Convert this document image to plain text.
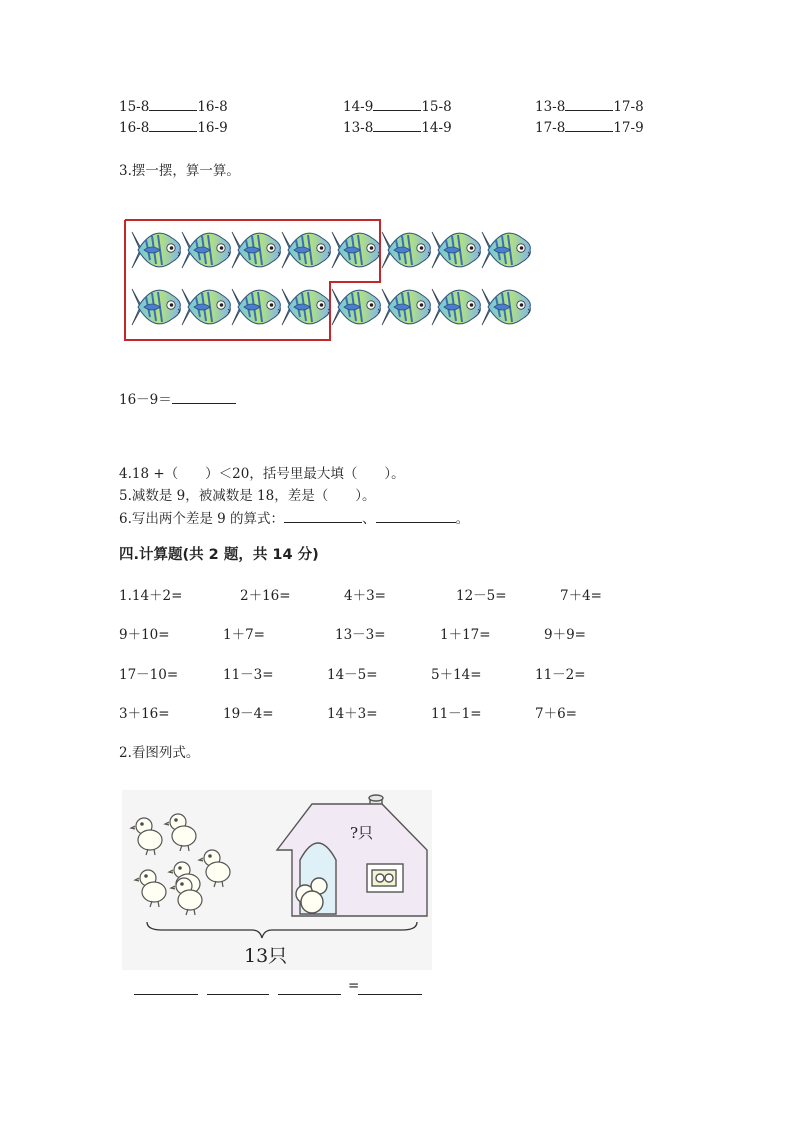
15-8	16-8	14-9	15-8	13-8	17-8
16-8	16-9	13-8	14-9	17-8	17-9
3.摆一摆，算一算。
16－9＝
4.18 +（　　）＜20，括号里最大填（　　）。
5.减数是 9，被减数是 18，差是（　　）。
6.写出两个差是 9 的算式：	、	。
四.计算题(共 2 题，共 14 分)
1.14＋2=	2＋16=	4＋3=	12－5=	7＋4=
9＋10=	1＋7=	13－3=	1＋17=	9＋9=
17－10=	11－3=	14－5=	5＋14=	11－2=
3＋16=	19－4=	14＋3=	11－1=	7＋6=
2.看图列式。
?只
13只
=
